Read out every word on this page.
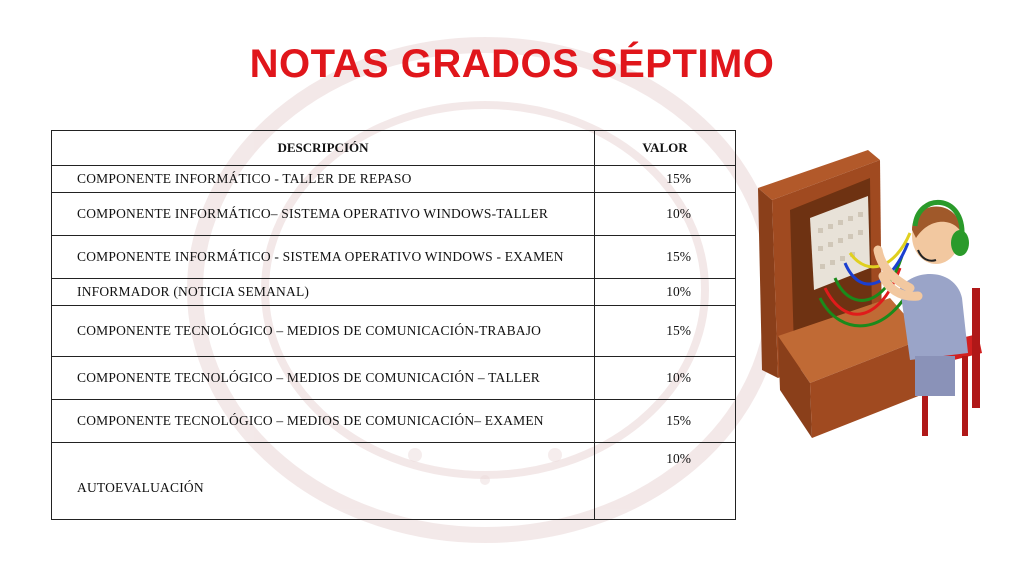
NOTAS GRADOS SÉPTIMO
DESCRIPCIÓN	VALOR
COMPONENTE INFORMÁTICO - TALLER DE REPASO	15%
COMPONENTE INFORMÁTICO– SISTEMA OPERATIVO WINDOWS-TALLER	10%
COMPONENTE INFORMÁTICO - SISTEMA OPERATIVO WINDOWS - EXAMEN	15%
INFORMADOR (NOTICIA SEMANAL)	10%
COMPONENTE TECNOLÓGICO – MEDIOS DE COMUNICACIÓN-TRABAJO	15%
COMPONENTE TECNOLÓGICO – MEDIOS DE COMUNICACIÓN – TALLER	10%
COMPONENTE TECNOLÓGICO – MEDIOS DE COMUNICACIÓN– EXAMEN	15%
AUTOEVALUACIÓN	10%
